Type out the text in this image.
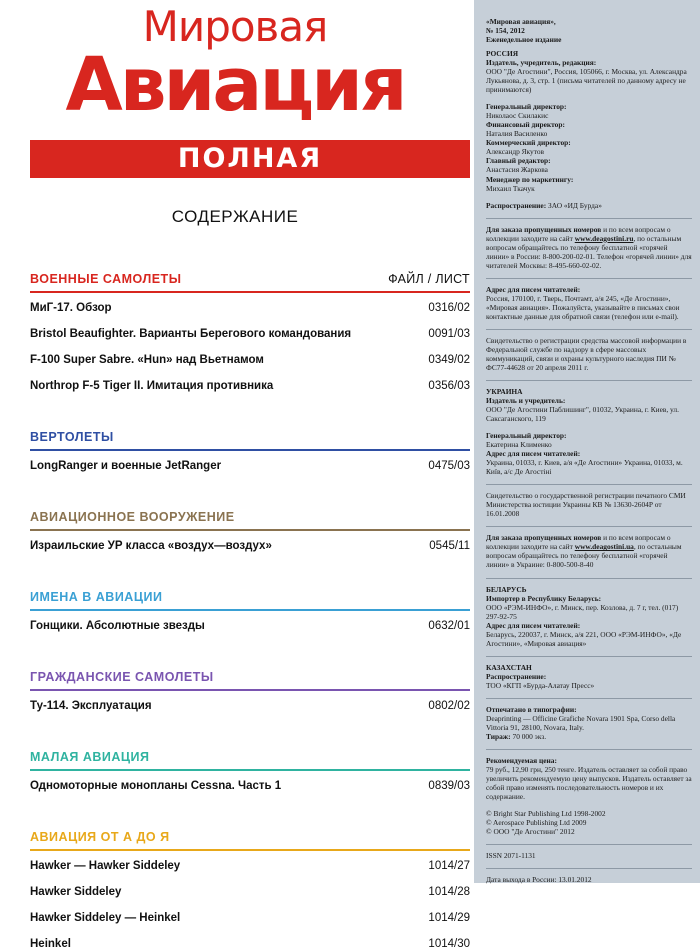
Мировая
Авиация
ПОЛНАЯ ЭНЦИКЛОПЕДИЯ
СОДЕРЖАНИЕ
ВОЕННЫЕ САМОЛЕТЫ	ФАЙЛ / ЛИСТ
МиГ-17. Обзор	0316/02
Bristol Beaufighter. Варианты Берегового командования	0091/03
F-100 Super Sabre. «Hun» над Вьетнамом	0349/02
Northrop F-5 Tiger II. Имитация противника	0356/03
ВЕРТОЛЕТЫ
LongRanger и военные JetRanger	0475/03
АВИАЦИОННОЕ ВООРУЖЕНИЕ
Израильские УР класса «воздух—воздух»	0545/11
ИМЕНА В АВИАЦИИ
Гонщики. Абсолютные звезды	0632/01
ГРАЖДАНСКИЕ САМОЛЕТЫ
Ту-114. Эксплуатация	0802/02
МАЛАЯ АВИАЦИЯ
Одномоторные монопланы Cessna. Часть 1	0839/03
АВИАЦИЯ ОТ А ДО Я
Hawker — Hawker Siddeley	1014/27
Hawker Siddeley	1014/28
Hawker Siddeley — Heinkel	1014/29
Heinkel	1014/30

«Мировая авиация»,

№ 154, 2012

Еженедельное издание

РОССИЯ

Издатель, учредитель, редакция:

ООО "Де Агостини", Россия, 105066, г. Москва, ул. Александра Лукьянова, д. 3, стр. 1 (письма читателей по данному адресу не принимаются)

Генеральный директор:

Николаос Скилакис

Финансовый директор:

Наталия Василенко

Коммерческий директор:

Александр Якутов

Главный редактор:

Анастасия Жаркова

Менеджер по маркетингу:

Михаил Ткачук

Распространение: ЗАО «ИД Бурда»

Для заказа пропущенных номеров и по всем вопросам о коллекции заходите на сайт www.deagostini.ru, по остальным вопросам обращайтесь по телефону бесплатной «горячей линии» в России: 8-800-200-02-01. Телефон «горячей линии» для читателей Москвы: 8-495-660-02-02.

Адрес для писем читателей:

Россия, 170100, г. Тверь, Почтамт, а/я 245, «Де Агостини», «Мировая авиация». Пожалуйста, указывайте в письмах свои контактные данные для обратной связи (телефон или e-mail).

Свидетельство о регистрации средства массовой информации в Федеральной службе по надзору в сфере массовых коммуникаций, связи и охраны культурного наследия ПИ № ФС77-44628 от 20 апреля 2011 г.

УКРАИНА

Издатель и учредитель:

ООО "Де Агостини Паблишинг", 01032, Украина, г. Киев, ул. Саксаганского, 119

Генеральный директор:

Екатерина Клименко

Адрес для писем читателей:

Украина, 01033, г. Киев, а/я «Де Агостини» Украина, 01033, м. Київ, а/с Де Агостiнi

Свидетельство о государственной регистрации печатного СМИ Министерства юстиции Украины КВ № 13630-2604Р от 16.01.2008

Для заказа пропущенных номеров и по всем вопросам о коллекции заходите на сайт www.deagostini.ua, по остальным вопросам обращайтесь по телефону бесплатной «горячей линии» в Украине: 0-800-500-8-40

БЕЛАРУСЬ

Импортер в Республику Беларусь:

ООО «РЭМ-ИНФО», г. Минск, пер. Козлова, д. 7 г, тел. (017) 297-92-75

Адрес для писем читателей:

Беларусь, 220037, г. Минск, а/я 221, ООО «РЭМ-ИНФО», «Де Агостини», «Мировая авиация»

КАЗАХСТАН

Распространение:

ТОО «КГП «Бурда-Алатау Пресс»

Отпечатано в типографии:

Deaprinting — Officine Grafiche Novara 1901 Spa, Corso della Vittoria 91, 28100, Novara, Italy.

Тираж: 70 000 экз.

Рекомендуемая цена:

79 руб., 12,90 грн, 250 тенге. Издатель оставляет за собой право увеличить рекомендуемую цену выпусков. Издатель оставляет за собой право изменять последовательность номеров и их содержание.

© Bright Star Publishing Ltd 1998-2002

© Aerospace Publishing Ltd 2009

© ООО "Де Агостини" 2012

ISSN 2071-1131

Дата выхода в России: 13.01.2012
